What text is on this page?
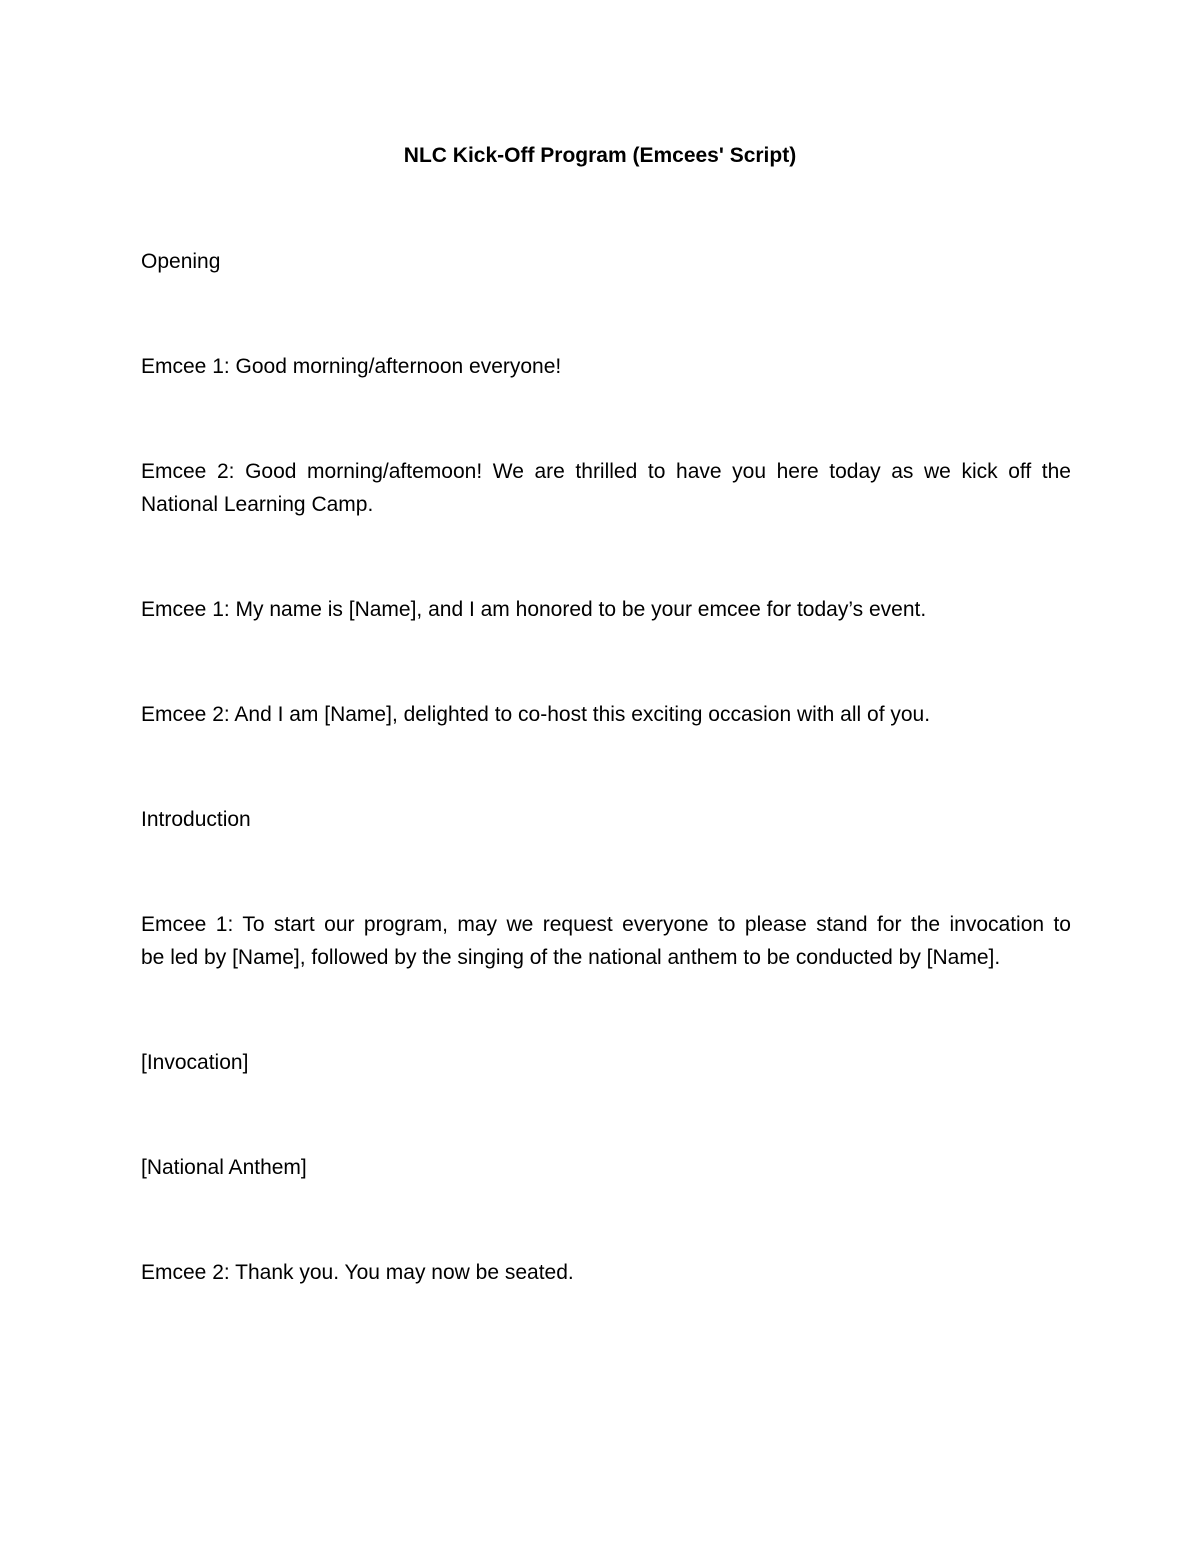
NLC Kick-Off Program (Emcees' Script)
Opening
Emcee 1: Good morning/afternoon everyone!
Emcee 2: Good morning/aftemoon! We are thrilled to have you here today as we kick off the
National Learning Camp.
Emcee 1: My name is [Name], and I am honored to be your emcee for today’s event.
Emcee 2: And I am [Name], delighted to co-host this exciting occasion with all of you.
Introduction
Emcee 1: To start our program, may we request everyone to please stand for the invocation to
be led by [Name], followed by the singing of the national anthem to be conducted by [Name].
[Invocation]
[National Anthem]
Emcee 2: Thank you. You may now be seated.
